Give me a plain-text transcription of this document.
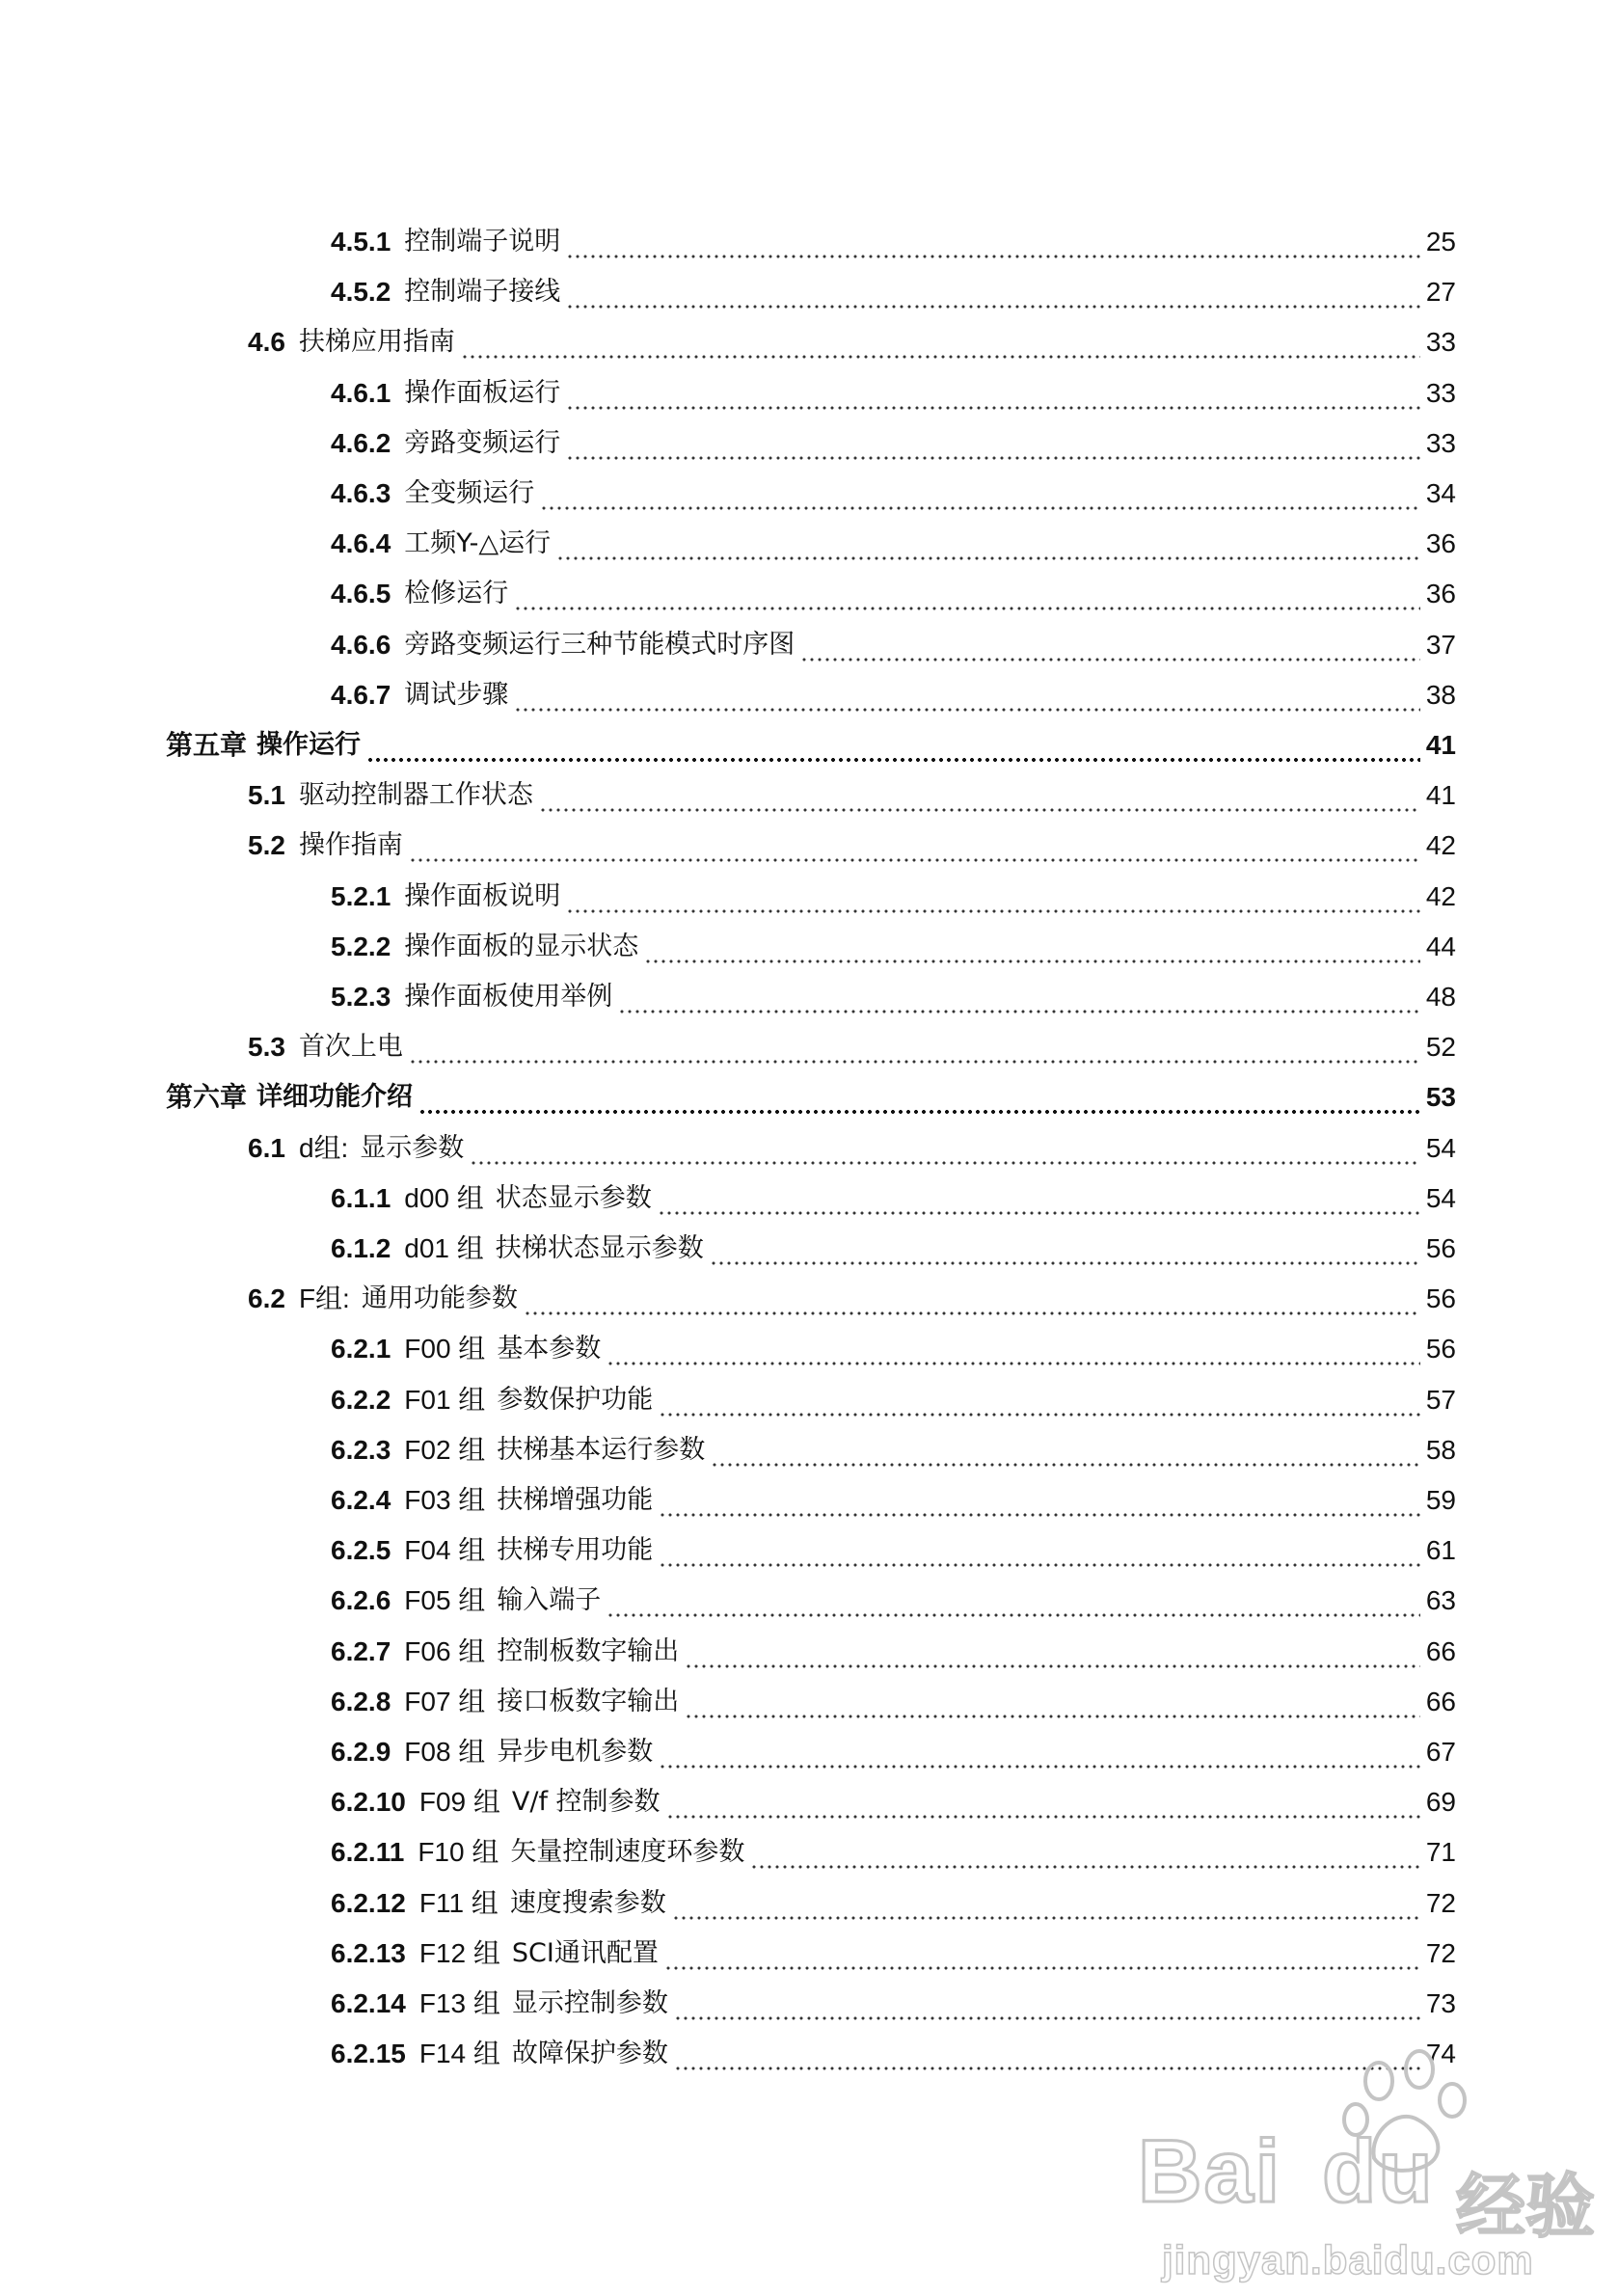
4.5.1 控制端子说明	25
4.5.2 控制端子接线	27
4.6 扶梯应用指南	33
4.6.1 操作面板运行	33
4.6.2 旁路变频运行	33
4.6.3 全变频运行	34
4.6.4 工频Y-△运行	36
4.6.5 检修运行	36
4.6.6 旁路变频运行三种节能模式时序图	37
4.6.7 调试步骤	38
第五章 操作运行	41
5.1 驱动控制器工作状态	41
5.2 操作指南	42
5.2.1 操作面板说明	42
5.2.2 操作面板的显示状态	44
5.2.3 操作面板使用举例	48
5.3 首次上电	52
第六章 详细功能介绍	53
6.1 d组: 显示参数	54
6.1.1 d00 组 状态显示参数	54
6.1.2 d01 组 扶梯状态显示参数	56
6.2 F组: 通用功能参数	56
6.2.1 F00 组 基本参数	56
6.2.2 F01 组 参数保护功能	57
6.2.3 F02 组 扶梯基本运行参数	58
6.2.4 F03 组 扶梯增强功能	59
6.2.5 F04 组 扶梯专用功能	61
6.2.6 F05 组 输入端子	63
6.2.7 F06 组 控制板数字输出	66
6.2.8 F07 组 接口板数字输出	66
6.2.9 F08 组 异步电机参数	67
6.2.10 F09 组 V/f 控制参数	69
6.2.11 F10 组 矢量控制速度环参数	71
6.2.12 F11 组 速度搜索参数	72
6.2.13 F12 组 SCI通讯配置	72
6.2.14 F13 组 显示控制参数	73
6.2.15 F14 组 故障保护参数	74
Bai du 经验
jingyan.baidu.com
